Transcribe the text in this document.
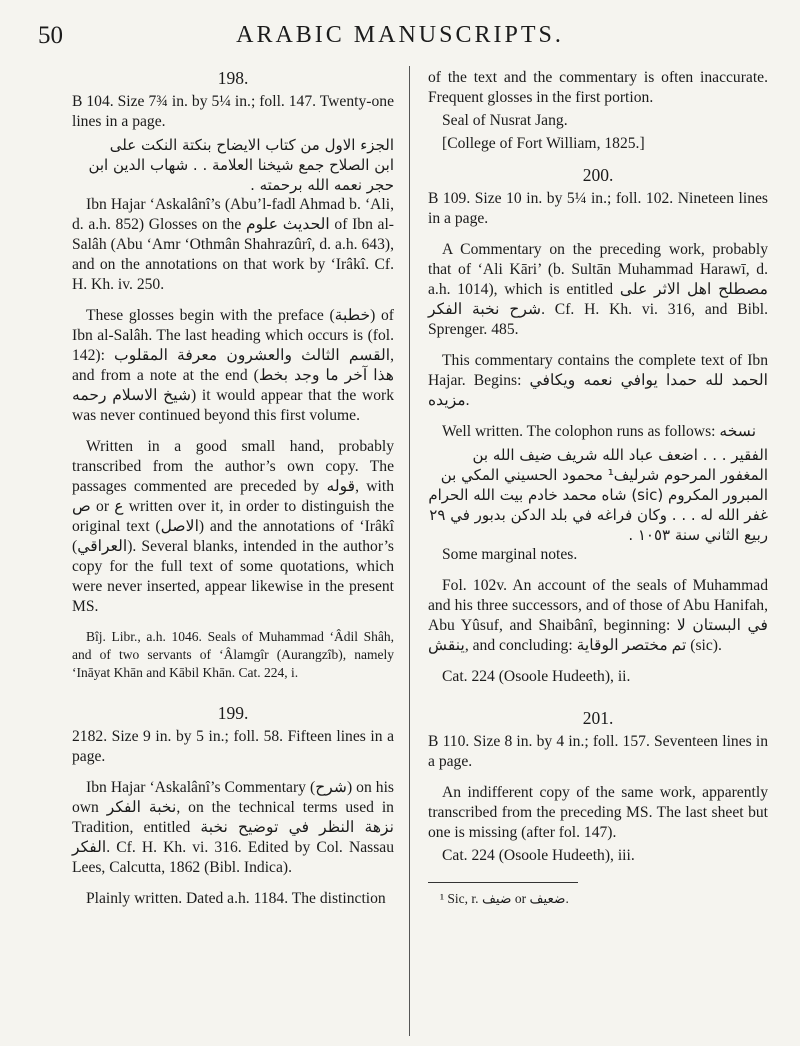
50	ARABIC MANUSCRIPTS.
198.

B 104. Size 7¾ in. by 5¼ in.; foll. 147. Twenty-one lines in a page.

الجزء الاول من كتاب الايضاح بنكتة النكت على

ابن الصلاح جمع شيخنا العلامة . . شهاب الدين ابن

حجر نعمه الله برحمته .

Ibn Hajar ‘Askalânî’s (Abu’l-fadl Ahmad b. ‘Ali, d. a.h. 852) Glosses on the الحديث علوم of Ibn al-Salâh (Abu ‘Amr ‘Othmân Shahrazûrî, d. a.h. 643), and on the annotations on that work by ‘Irâkî. Cf. H. Kh. iv. 250.

These glosses begin with the preface (خطبة) of Ibn al-Salâh. The last heading which occurs is (fol. 142): القسم الثالث والعشرون معرفة المقلوب, and from a note at the end (هذا آخر ما وجد بخط شيخ الاسلام رحمه) it would appear that the work was never continued beyond this first volume.

Written in a good small hand, probably transcribed from the author’s own copy. The passages commented are preceded by قوله, with ص or ع written over it, in order to distinguish the original text (الاصل) and the annotations of ‘Irâkî (العراقي). Several blanks, intended in the author’s copy for the full text of some quotations, which were never inserted, appear likewise in the present MS.

Bîj. Libr., a.h. 1046. Seals of Muhammad ‘Âdil Shâh, and of two servants of ‘Âlamgîr (Aurangzîb), namely ‘Ināyat Khān and Kābil Khān. Cat. 224, i.

199.

2182. Size 9 in. by 5 in.; foll. 58. Fifteen lines in a page.

Ibn Hajar ‘Askalânî’s Commentary (شرح) on his own نخبة الفكر, on the technical terms used in Tradition, entitled نزهة النظر في توضيح نخبة الفكر. Cf. H. Kh. vi. 316. Edited by Col. Nassau Lees, Calcutta, 1862 (Bibl. Indica).

Plainly written. Dated a.h. 1184. The distinction

of the text and the commentary is often inaccurate. Frequent glosses in the first portion.

Seal of Nusrat Jang.

[College of Fort William, 1825.]

200.

B 109. Size 10 in. by 5¼ in.; foll. 102. Nineteen lines in a page.

A Commentary on the preceding work, probably that of ‘Ali Kāri’ (b. Sultān Muhammad Harawī, d. a.h. 1014), which is entitled مصطلح اهل الاثر على شرح نخبة الفكر. Cf. H. Kh. vi. 316, and Bibl. Sprenger. 485.

This commentary contains the complete text of Ibn Hajar. Begins: الحمد لله حمدا يوافي نعمه ويكافي مزيده.

Well written. The colophon runs as follows: نسخه

الفقير . . . اضعف عباد الله شريف ضيف الله بن

المغفور المرحوم شرليف¹ محمود الحسيني المكي بن

المبرور المكروم (sic) شاه محمد خادم بيت الله الحرام

غفر الله له . . . وكان فراغه في بلد الدكن بدبور في ٢٩

ربيع الثاني سنة ١٠٥٣ .

Some marginal notes.

Fol. 102v. An account of the seals of Muhammad and his three successors, and of those of Abu Hanifah, Abu Yûsuf, and Shaibânî, beginning: في البستان لا ينقش, and concluding: تم مختصر الوقاية (sic).

Cat. 224 (Osoole Hudeeth), ii.

201.

B 110. Size 8 in. by 4 in.; foll. 157. Seventeen lines in a page.

An indifferent copy of the same work, apparently transcribed from the preceding MS. The last sheet but one is missing (after fol. 147).

Cat. 224 (Osoole Hudeeth), iii.

¹ Sic, r. ضيف or ضعيف.
